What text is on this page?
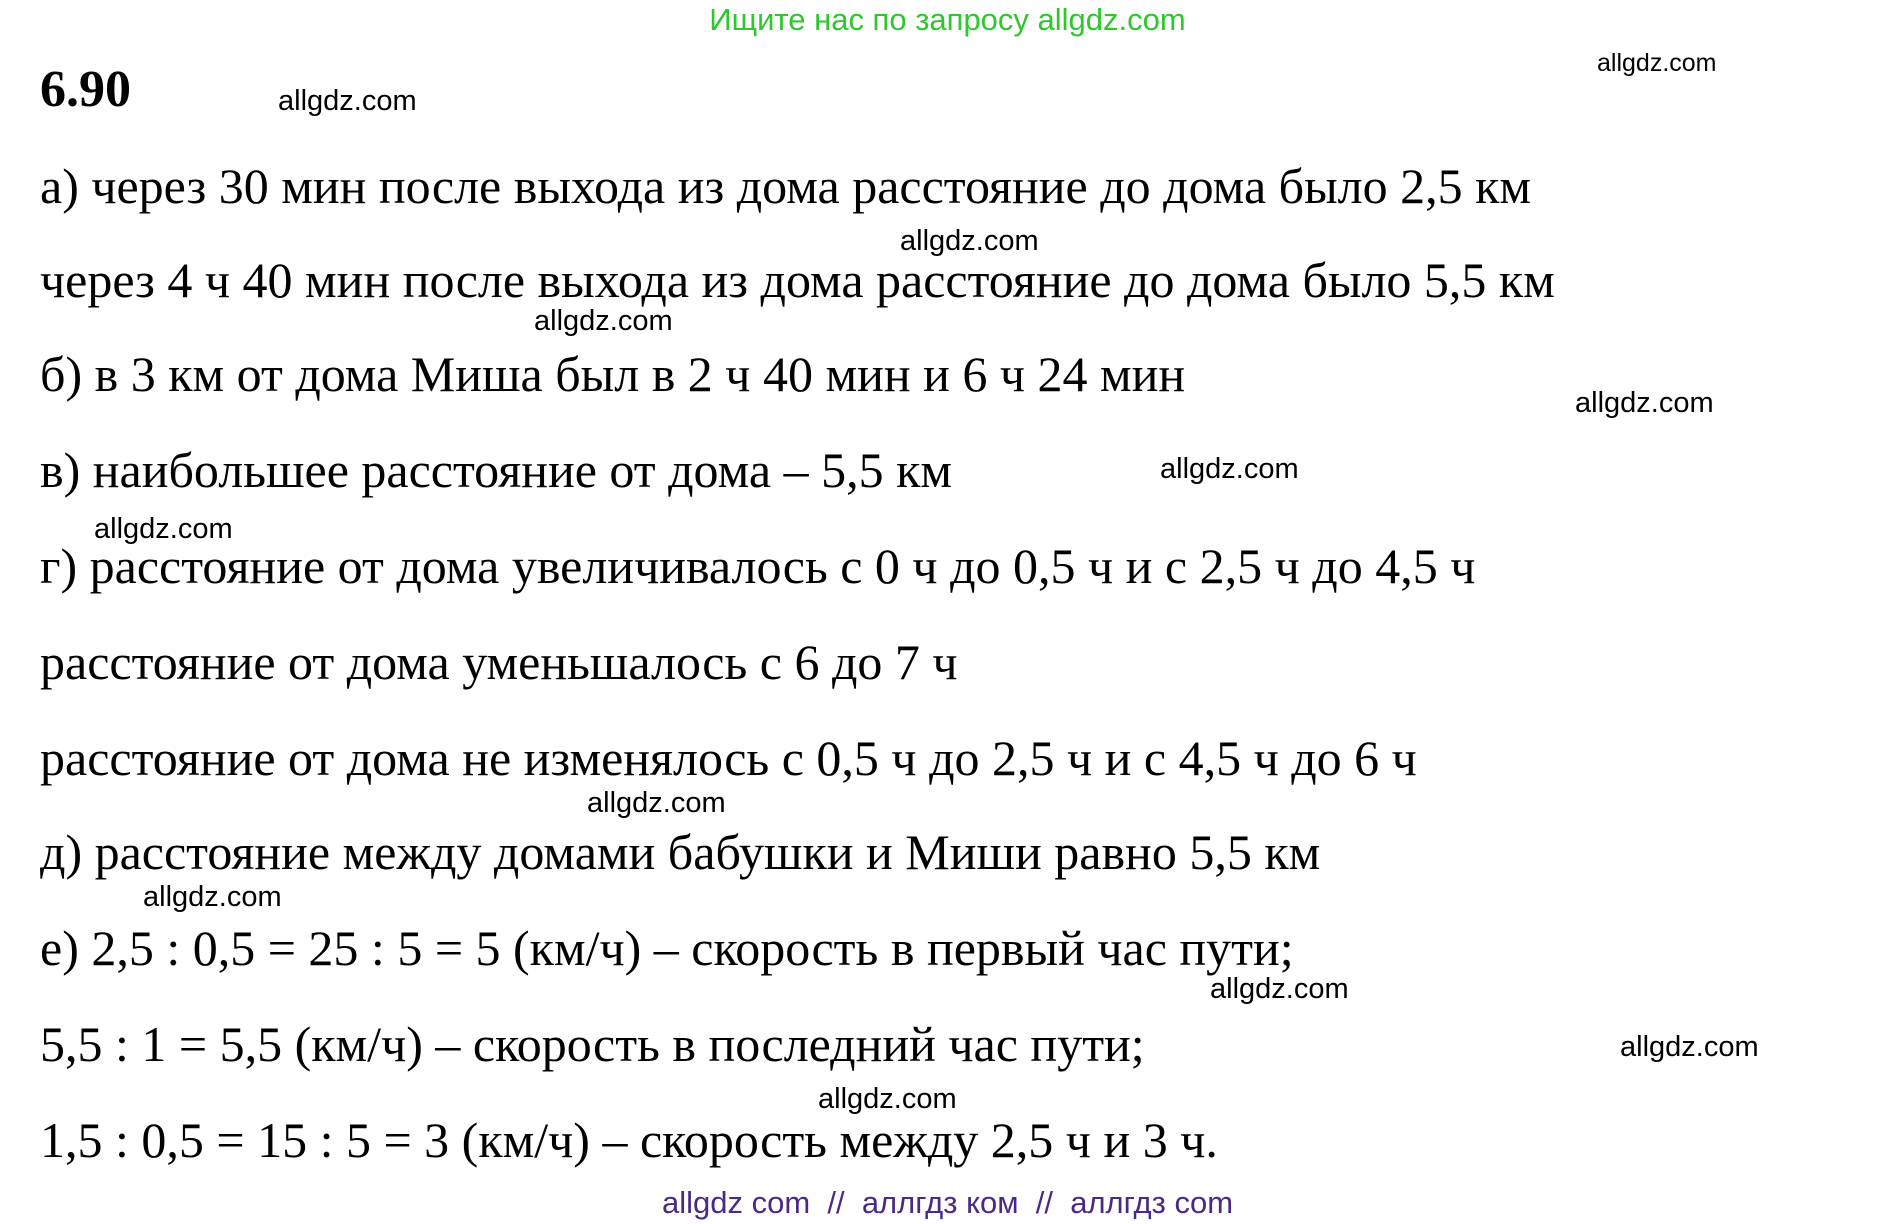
Ищите нас по запросу allgdz.com
6.90	allgdz.com
allgdz.com
allgdz.com
allgdz.com
allgdz.com
allgdz.com
allgdz.com
allgdz.com
allgdz.com
allgdz.com
allgdz.com
allgdz.com
а) через 30 мин после выхода из дома расстояние до дома было 2,5 км
через 4 ч 40 мин после выхода из дома расстояние до дома было 5,5 км
б) в 3 км от дома Миша был в 2 ч 40 мин и 6 ч 24 мин
в) наибольшее расстояние от дома – 5,5 км
г) расстояние от дома увеличивалось с 0 ч до 0,5 ч и с 2,5 ч до 4,5 ч
расстояние от дома уменьшалось с 6 до 7 ч
расстояние от дома не изменялось с 0,5 ч до 2,5 ч и с 4,5 ч до 6 ч
д) расстояние между домами бабушки и Миши равно 5,5 км
е) 2,5 : 0,5 = 25 : 5 = 5 (км/ч) – скорость в первый час пути;
5,5 : 1 = 5,5 (км/ч) – скорость в последний час пути;
1,5 : 0,5 = 15 : 5 = 3 (км/ч) – скорость между 2,5 ч и 3 ч.
allgdz com  //  аллгдз ком  //  аллгдз com
